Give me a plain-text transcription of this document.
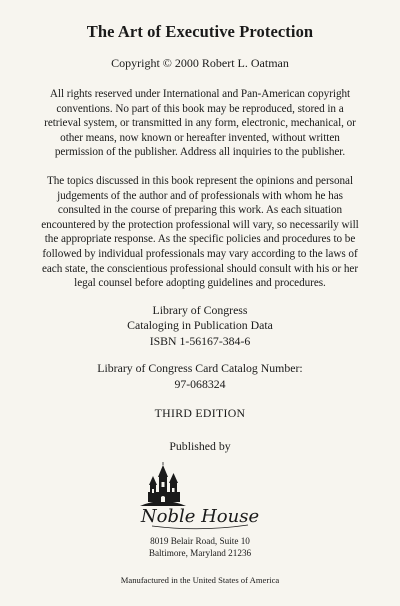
The Art of Executive Protection

Copyright © 2000 Robert L. Oatman

All rights reserved under International and Pan-American copyright
conventions. No part of this book may be reproduced, stored in a
retrieval system, or transmitted in any form, electronic, mechanical, or
other means, now known or hereafter invented, without written
permission of the publisher. Address all inquiries to the publisher.

The topics discussed in this book represent the opinions and personal
judgements of the author and of professionals with whom he has
consulted in the course of preparing this work. As each situation
encountered by the protection professional will vary, so necessarily will
the appropriate response. As the specific policies and procedures to be
followed by individual professionals may vary according to the laws of
each state, the conscientious professional should consult with his or her
legal counsel before adopting guidelines and procedures.

Library of Congress
Cataloging in Publication Data
ISBN 1-56167-384-6

Library of Congress Card Catalog Number:
97-068324

THIRD EDITION

Published by

Noble House

8019 Belair Road, Suite 10
Baltimore, Maryland 21236

Manufactured in the United States of America
